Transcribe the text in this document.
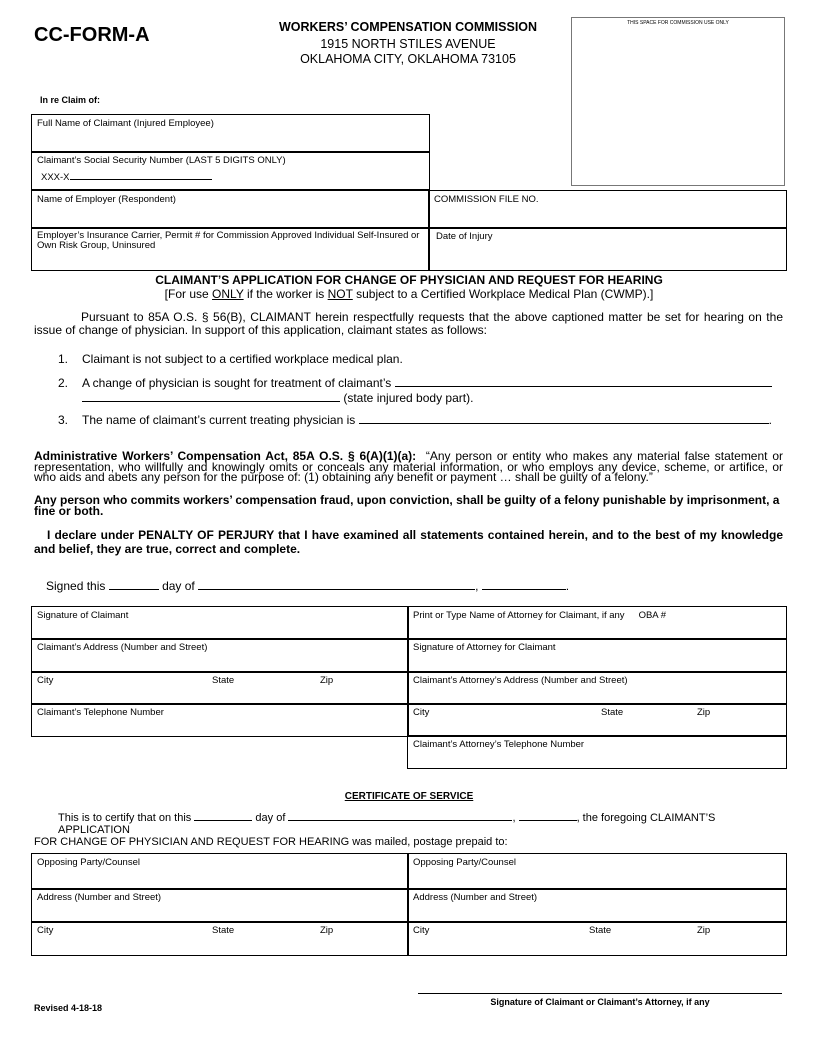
CC-FORM-A	WORKERS’ COMPENSATION COMMISSION
1915 NORTH STILES AVENUE
OKLAHOMA CITY, OKLAHOMA 73105
THIS SPACE FOR COMMISSION USE ONLY
In re Claim of:
Full Name of Claimant (Injured Employee)
Claimant’s Social Security Number (LAST 5 DIGITS ONLY)
XXX-X
Name of Employer (Respondent)	COMMISSION FILE NO.
Employer’s Insurance Carrier, Permit # for Commission Approved Individual Self-Insured or Own Risk Group, Uninsured
Date of Injury
CLAIMANT’S APPLICATION FOR CHANGE OF PHYSICIAN AND REQUEST FOR HEARING
[For use ONLY if the worker is NOT subject to a Certified Workplace Medical Plan (CWMP).]

Pursuant to 85A O.S. § 56(B), CLAIMANT herein respectfully requests that the above captioned matter be set for hearing on the issue of change of physician. In support of this application, claimant states as follows:

1. Claimant is not subject to a certified workplace medical plan.
2. A change of physician is sought for treatment of claimant’s
(state injured body part).
3. The name of claimant’s current treating physician is	.

Administrative Workers’ Compensation Act, 85A O.S. § 6(A)(1)(a): “Any person or entity who makes any material false statement or representation, who willfully and knowingly omits or conceals any material information, or who employs any device, scheme, or artifice, or who aids and abets any person for the purpose of: (1) obtaining any benefit or payment … shall be guilty of a felony.”

Any person who commits workers’ compensation fraud, upon conviction, shall be guilty of a felony punishable by imprisonment, a fine or both.

I declare under PENALTY OF PERJURY that I have examined all statements contained herein, and to the best of my knowledge and belief, they are true, correct and complete.

Signed this	day of	,	.
Signature of Claimant	Print or Type Name of Attorney for Claimant, if any OBA #
Claimant’s Address (Number and Street)	Signature of Attorney for Claimant
City	State	Zip	Claimant’s Attorney’s Address (Number and Street)
Claimant’s Telephone Number	City	State	Zip
Claimant’s Attorney’s Telephone Number
CERTIFICATE OF SERVICE
This is to certify that on this	day of	,	, the foregoing CLAIMANT’S APPLICATION
FOR CHANGE OF PHYSICIAN AND REQUEST FOR HEARING was mailed, postage prepaid to:
Opposing Party/Counsel	Opposing Party/Counsel
Address (Number and Street)	Address (Number and Street)
City	State	Zip	City	State	Zip
Signature of Claimant or Claimant’s Attorney, if any
Revised 4-18-18
